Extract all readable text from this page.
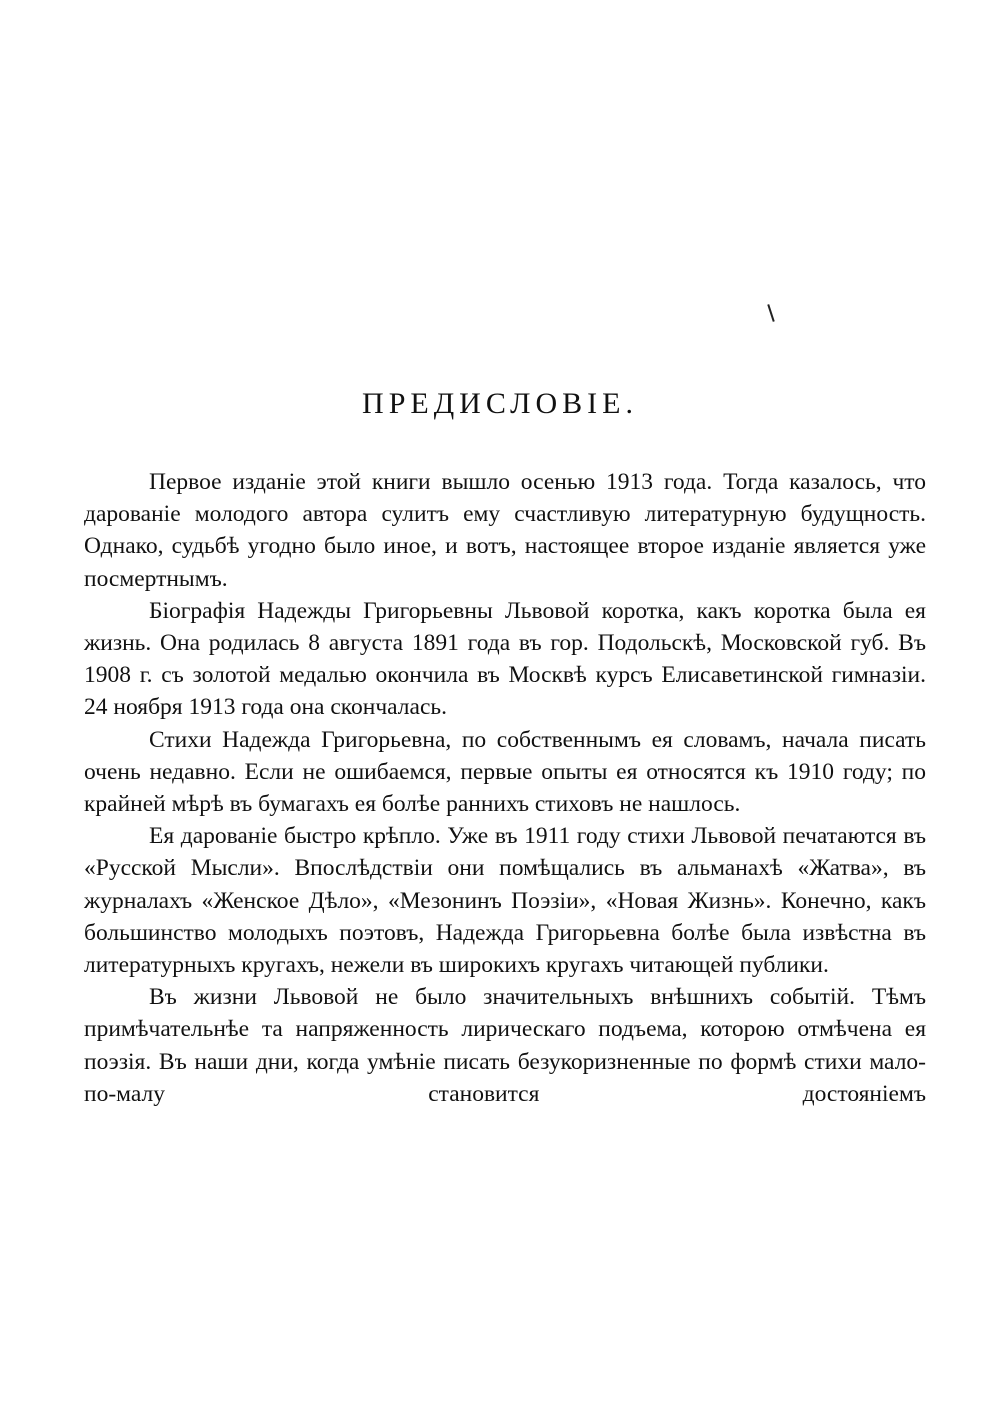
ПРЕДИСЛОВІЕ.

Первое изданіе этой книги вышло осенью 1913 года. Тогда казалось, что дарованіе молодого автора сулитъ ему счастливую литературную будущность. Однако, судьбѣ угодно было иное, и вотъ, настоящее второе изданіе является уже посмертнымъ.

Біографія Надежды Григорьевны Львовой коротка, какъ коротка была ея жизнь. Она родилась 8 августа 1891 года въ гор. Подольскѣ, Московской губ. Въ 1908 г. съ золотой медалью окончила въ Москвѣ курсъ Елисаветинской гимназіи. 24 ноября 1913 года она скончалась.

Стихи Надежда Григорьевна, по собственнымъ ея словамъ, начала писать очень недавно. Если не ошибаемся, первые опыты ея относятся къ 1910 году; по крайней мѣрѣ въ бумагахъ ея болѣе раннихъ стиховъ не нашлось.

Ея дарованіе быстро крѣпло. Уже въ 1911 году стихи Львовой печатаются въ «Русской Мысли». Впослѣдствіи они помѣщались въ альманахѣ «Жатва», въ журналахъ «Женское Дѣло», «Мезонинъ Поэзіи», «Новая Жизнь». Конечно, какъ большинство молодыхъ поэтовъ, Надежда Григорьевна болѣе была извѣстна въ литературныхъ кругахъ, нежели въ широкихъ кругахъ читающей публики.

Въ жизни Львовой не было значительныхъ внѣшнихъ событій. Тѣмъ примѣчательнѣе та напряженность лирическаго подъема, которою отмѣчена ея поэзія. Въ наши дни, когда умѣніе писать безукоризненные по формѣ стихи мало-по-малу становится достояніемъ
